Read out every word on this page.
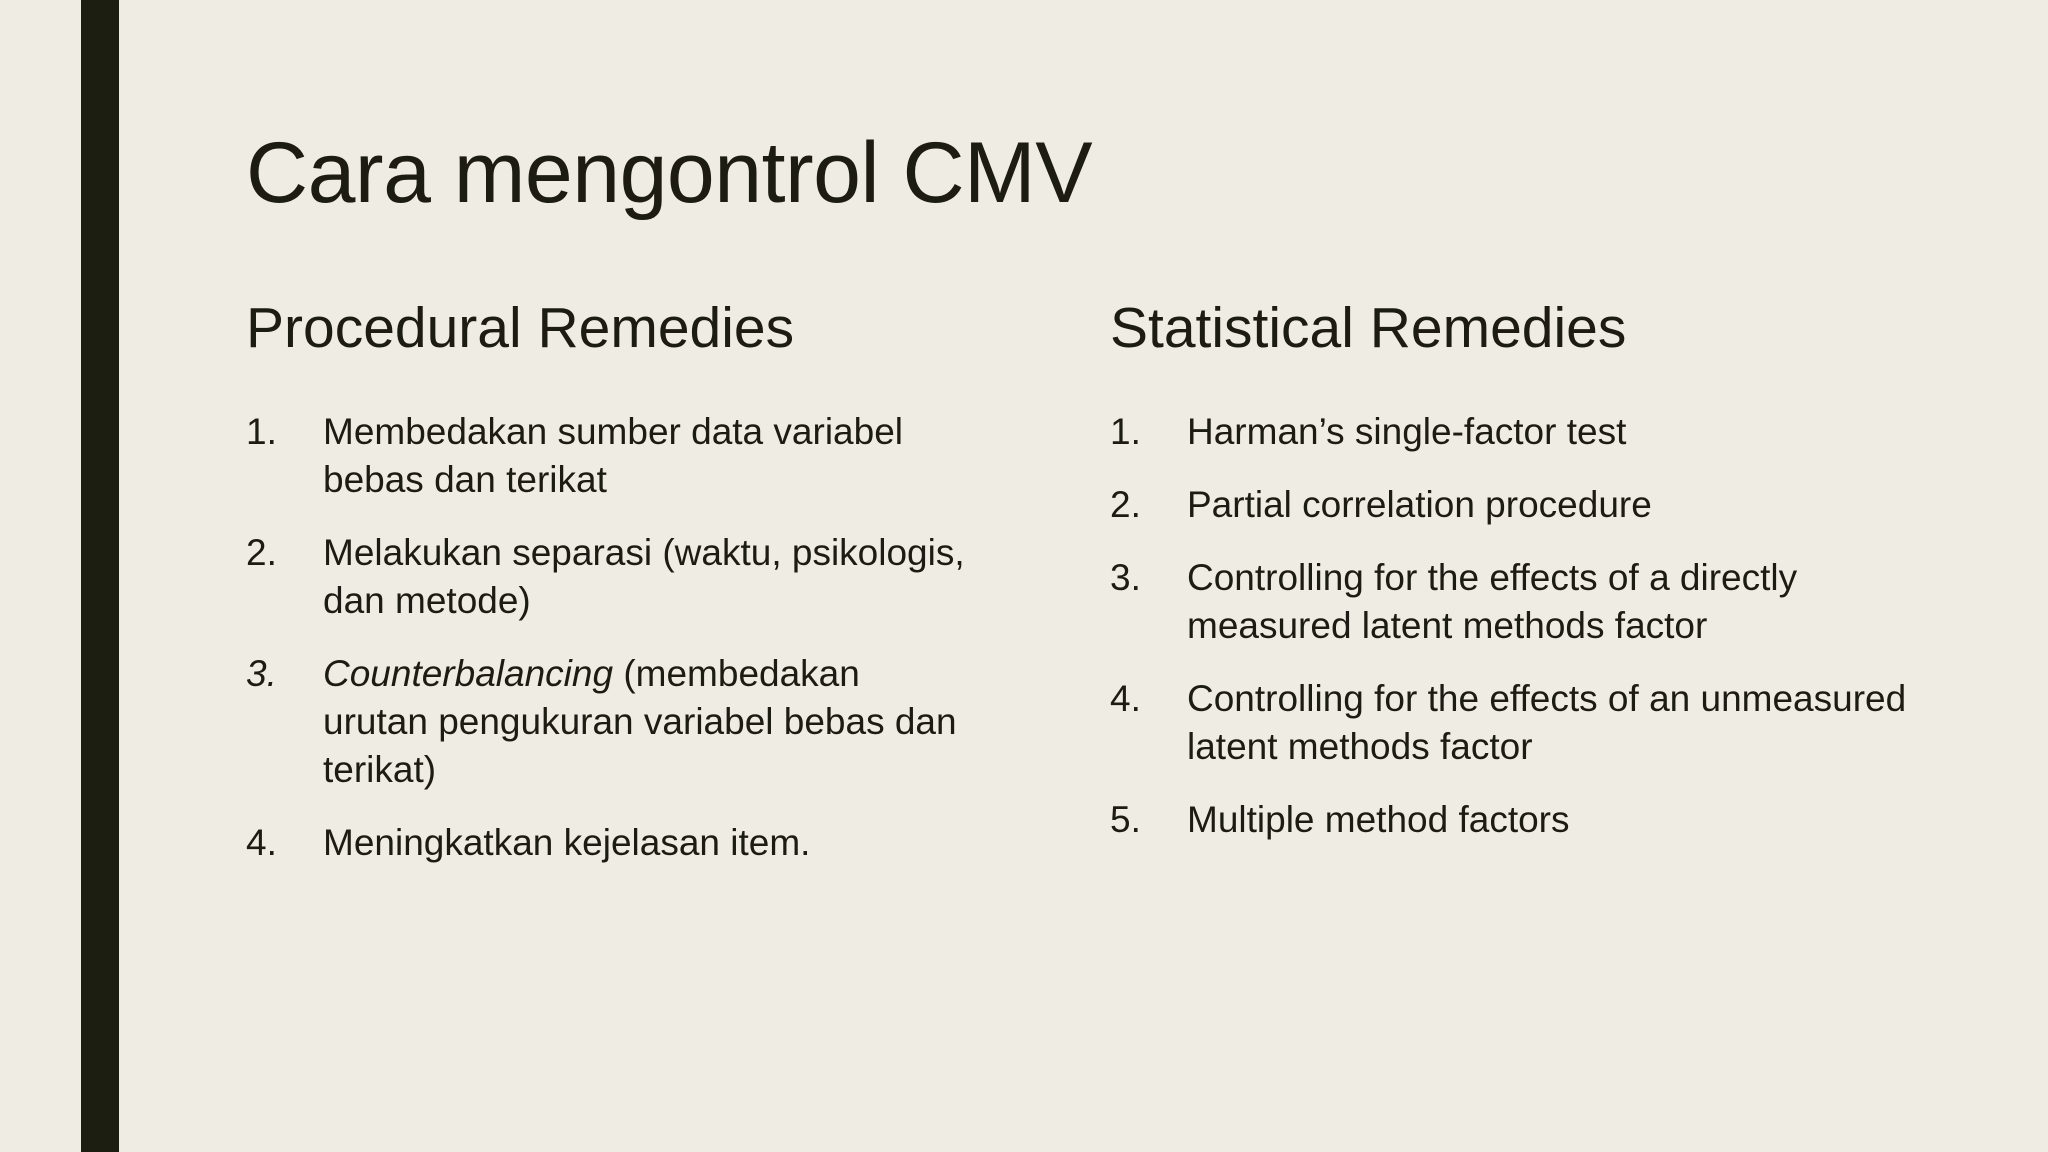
Cara mengontrol CMV
Procedural Remedies
1. Membedakan sumber data variabel bebas dan terikat
2. Melakukan separasi (waktu, psikologis, dan metode)
3. Counterbalancing (membedakan urutan pengukuran variabel bebas dan terikat)
4. Meningkatkan kejelasan item.
Statistical Remedies
1. Harman’s single-factor test
2. Partial correlation procedure
3. Controlling for the effects of a directly measured latent methods factor
4. Controlling for the effects of an unmeasured latent methods factor
5. Multiple method factors
